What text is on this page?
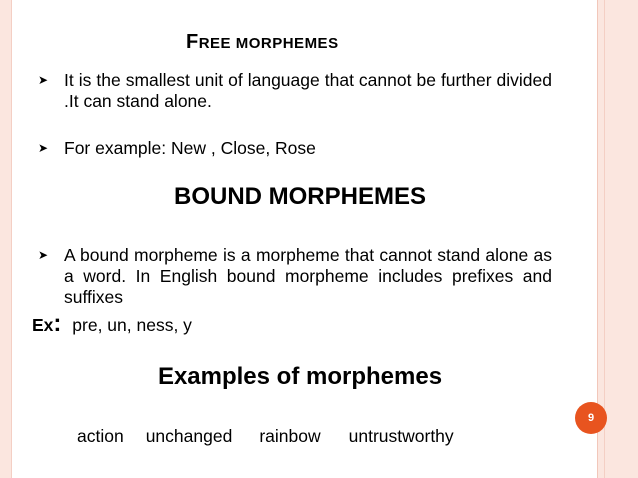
FREE MORPHEMES
➤ It is the smallest unit of language that cannot be further divided .It can stand alone.
➤ For example: New , Close, Rose
BOUND MORPHEMES
➤ A bound morpheme is a morpheme that cannot stand alone as a word. In English bound morpheme includes prefixes and suffixes
Ex: pre, un, ness, y
Examples of morphemes
action unchanged rainbow untrustworthy
9
